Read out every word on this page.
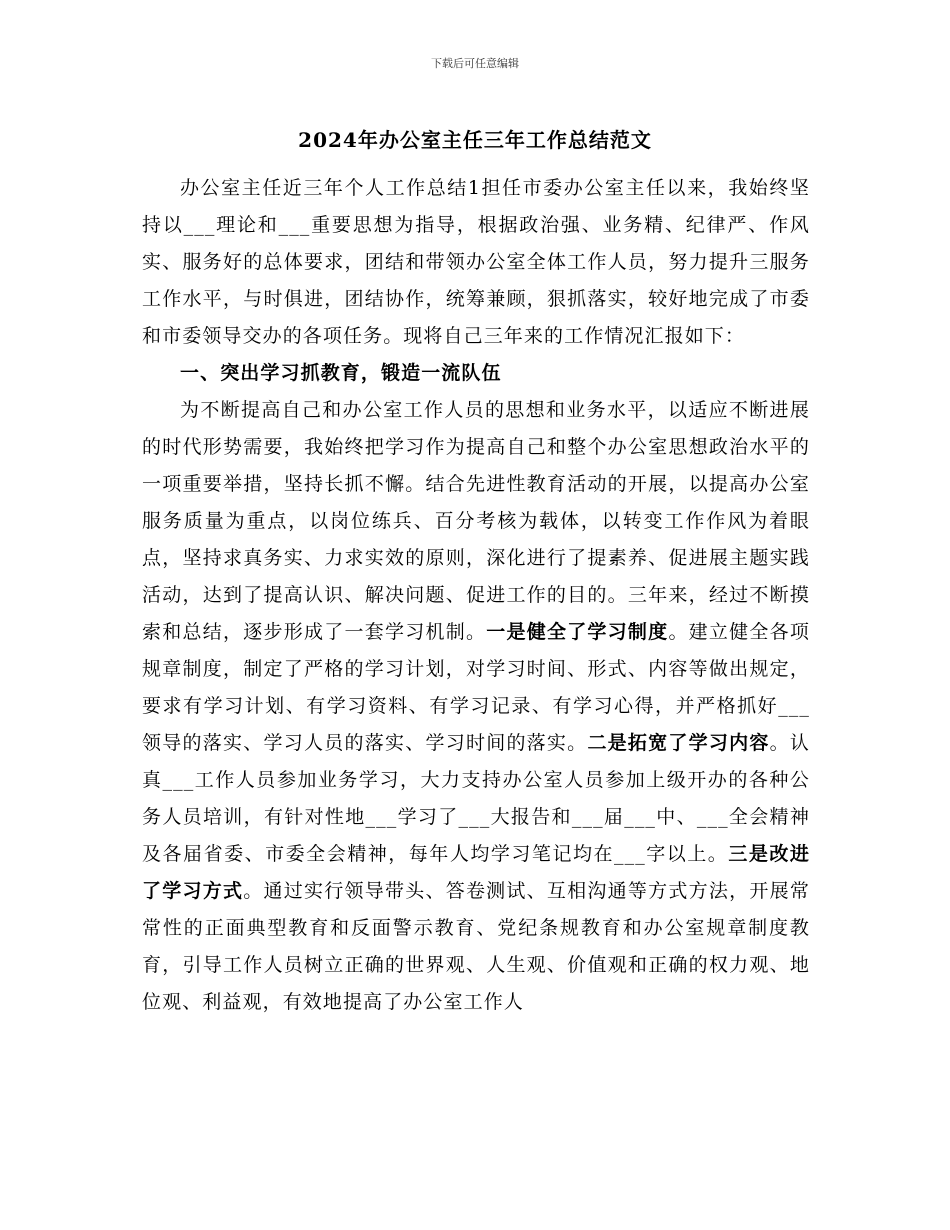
下载后可任意编辑
2024年办公室主任三年工作总结范文

办公室主任近三年个人工作总结1担任市委办公室主任以来，我始终坚持以___理论和___重要思想为指导，根据政治强、业务精、纪律严、作风实、服务好的总体要求，团结和带领办公室全体工作人员，努力提升三服务工作水平，与时俱进，团结协作，统筹兼顾，狠抓落实，较好地完成了市委和市委领导交办的各项任务。现将自己三年来的工作情况汇报如下：

一、突出学习抓教育，锻造一流队伍

为不断提高自己和办公室工作人员的思想和业务水平，以适应不断进展的时代形势需要，我始终把学习作为提高自己和整个办公室思想政治水平的一项重要举措，坚持长抓不懈。结合先进性教育活动的开展，以提高办公室服务质量为重点，以岗位练兵、百分考核为载体，以转变工作作风为着眼点，坚持求真务实、力求实效的原则，深化进行了提素养、促进展主题实践活动，达到了提高认识、解决问题、促进工作的目的。三年来，经过不断摸索和总结，逐步形成了一套学习机制。一是健全了学习制度。建立健全各项规章制度，制定了严格的学习计划，对学习时间、形式、内容等做出规定，要求有学习计划、有学习资料、有学习记录、有学习心得，并严格抓好___领导的落实、学习人员的落实、学习时间的落实。二是拓宽了学习内容。认真___工作人员参加业务学习，大力支持办公室人员参加上级开办的各种公务人员培训，有针对性地___学习了___大报告和___届___中、___全会精神及各届省委、市委全会精神，每年人均学习笔记均在___字以上。三是改进了学习方式。通过实行领导带头、答卷测试、互相沟通等方式方法，开展常常性的正面典型教育和反面警示教育、党纪条规教育和办公室规章制度教育，引导工作人员树立正确的世界观、人生观、价值观和正确的权力观、地位观、利益观，有效地提高了办公室工作人
